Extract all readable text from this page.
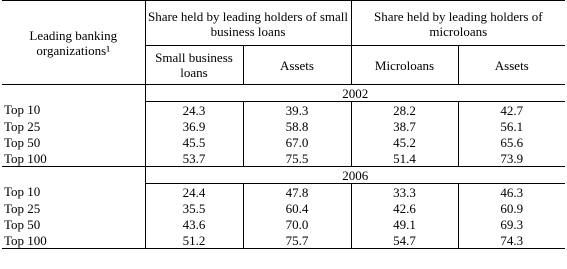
Leading banking organizations¹	Share held by leading holders of small business loans		Share held by leading holders of microloans	
	Small business loans	Assets	Microloans	Assets
	2002			
Top 10	24.3	39.3	28.2	42.7
Top 25	36.9	58.8	38.7	56.1
Top 50	45.5	67.0	45.2	65.6
Top 100	53.7	75.5	51.4	73.9
	2006			
Top 10	24.4	47.8	33.3	46.3
Top 25	35.5	60.4	42.6	60.9
Top 50	43.6	70.0	49.1	69.3
Top 100	51.2	75.7	54.7	74.3
